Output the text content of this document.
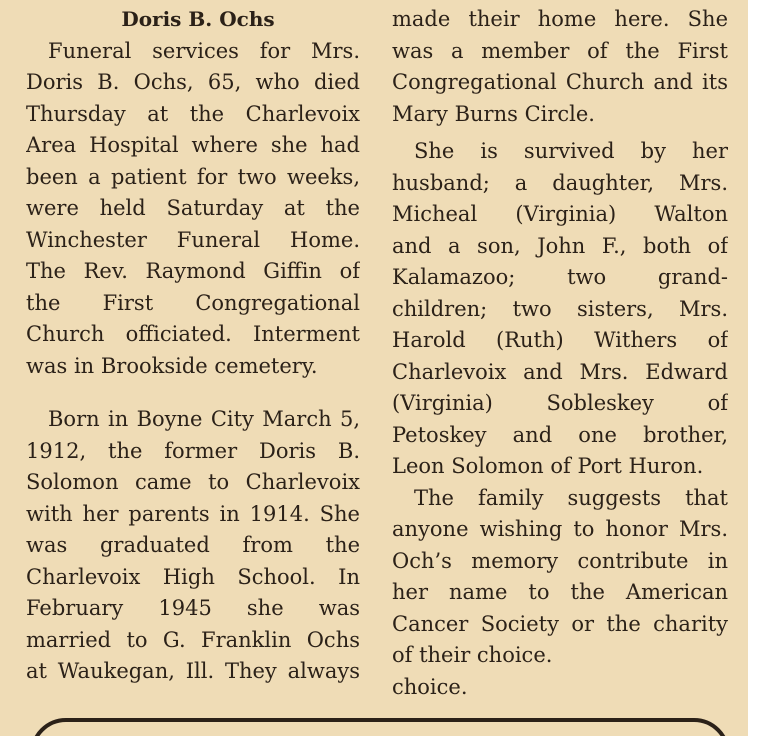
Doris B. Ochs
Funeral services for Mrs.
Doris B. Ochs, 65, who died
Thursday at the Charlevoix
Area Hospital where she had
been a patient for two weeks,
were held Saturday at the
Winchester Funeral Home.
The Rev. Raymond Giffin of
the First Congregational
Church officiated. Interment
was in Brookside cemetery.
Born in Boyne City March 5,
1912, the former Doris B.
Solomon came to Charlevoix
with her parents in 1914. She
was graduated from the
Charlevoix High School. In
February 1945 she was
married to G. Franklin Ochs
at Waukegan, Ill. They always
made their home here. She
was a member of the First
Congregational Church and its
Mary Burns Circle.
She is survived by her
husband; a daughter, Mrs.
Micheal (Virginia) Walton
and a son, John F., both of
Kalamazoo; two grand-
children; two sisters, Mrs.
Harold (Ruth) Withers of
Charlevoix and Mrs. Edward
(Virginia) Sobleskey of
Petoskey and one brother,
Leon Solomon of Port Huron.
The family suggests that
anyone wishing to honor Mrs.
Och’s memory contribute in
her name to the American
Cancer Society or the charity
of their choice.
choice.
